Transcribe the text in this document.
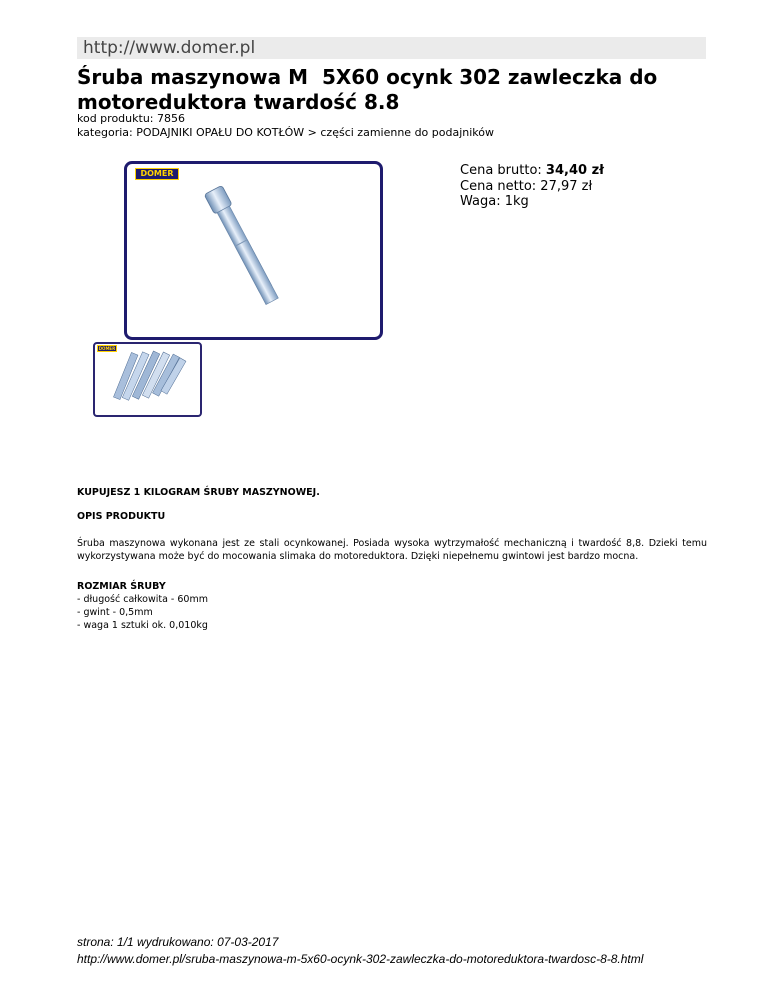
http://www.domer.pl
Śruba maszynowa M  5X60 ocynk 302 zawleczka do motoreduktora twardość 8.8
kod produktu: 7856
kategoria: PODAJNIKI OPAŁU DO KOTŁÓW > części zamienne do podajników
DOMER
DOMER
Cena brutto: 34,40 zł
Cena netto: 27,97 zł
Waga: 1kg
KUPUJESZ 1 KILOGRAM ŚRUBY MASZYNOWEJ.
OPIS PRODUKTU
Śruba maszynowa wykonana jest ze stali ocynkowanej. Posiada wysoka wytrzymałość mechaniczną i twardość 8,8. Dzieki temu wykorzystywana może być do mocowania slimaka do motoreduktora. Dzięki niepełnemu gwintowi jest bardzo mocna.
ROZMIAR ŚRUBY
- długość całkowita - 60mm
- gwint - 0,5mm
- waga 1 sztuki ok. 0,010kg
strona: 1/1 wydrukowano: 07-03-2017
http://www.domer.pl/sruba-maszynowa-m-5x60-ocynk-302-zawleczka-do-motoreduktora-twardosc-8-8.html
